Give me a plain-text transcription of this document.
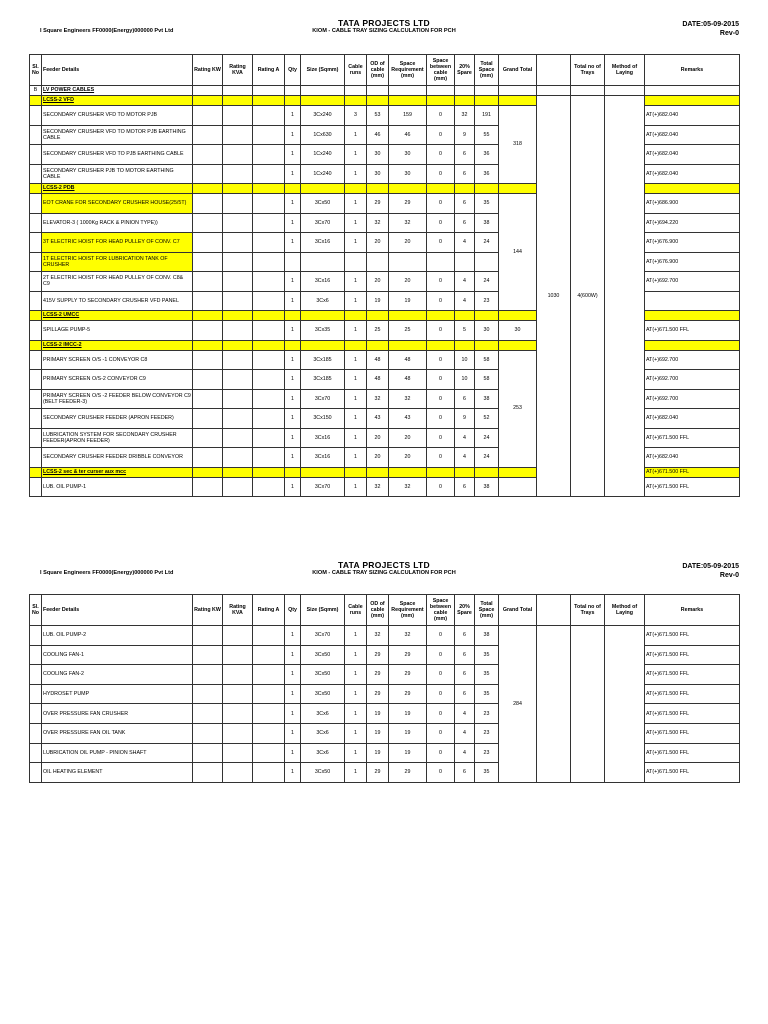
TATA PROJECTS LTD
KIOM - CABLE TRAY SIZING CALCULATION FOR PCH
I Square Engineers FF0000(Energy)000000 Pvt Ltd
DATE:05-09-2015
Rev-0
Sl. No	Feeder Details	Rating KW	Rating KVA	Rating A	Qty	Size (Sqmm)	Cable runs	OD of cable (mm)	Space Requirement (mm)	Space between cable (mm)	20% Spare	Total Space (mm)	Grand Total		Total no of Trays	Method of Laying	Remarks
B	LV POWER CABLES																
	LCSS-2 VFD													1030	4(600W)		
	SECONDARY CRUSHER VFD TO MOTOR PJB				1	3Cx240	3	53	159	0	32	191	318				AT(+)682.040
	SECONDARY CRUSHER VFD TO MOTOR PJB EARTHING CABLE				1	1Cx630	1	46	46	0	9	55					AT(+)682.040
	SECONDARY CRUSHER VFD TO PJB EARTHING CABLE				1	1Cx240	1	30	30	0	6	36					AT(+)682.040
	SECONDARY CRUSHER PJB TO MOTOR EARTHING CABLE				1	1Cx240	1	30	30	0	6	36					AT(+)682.040
	LCSS-2 PDB																
	EOT CRANE FOR SECONDARY CRUSHER HOUSE(25/5T)				1	3Cx50	1	29	29	0	6	35	144				AT(+)686.900
	ELEVATOR-3 ( 1000Kg RACK & PINION TYPE))				1	3Cx70	1	32	32	0	6	38					AT(+)694.220
	3T ELECTRIC HOIST FOR HEAD PULLEY OF CONV. C7				1	3Cx16	1	20	20	0	4	24					AT(+)676.900
	1T ELECTRIC HOIST FOR LUBRICATION TANK OF CRUSHER																AT(+)676.900
	2T ELECTRIC HOIST FOR HEAD PULLEY OF CONV. C8& C9				1	3Cx16	1	20	20	0	4	24					AT(+)692.700
	415V SUPPLY TO SECONDARY CRUSHER VFD PANEL				1	3Cx6	1	19	19	0	4	23					
	LCSS-2 UMCC																
	SPILLAGE PUMP-5				1	3Cx35	1	25	25	0	5	30	30				AT(+)671.500 FFL
	LCSS-2 IMCC-2																
	PRIMARY SCREEN O/S -1 CONVEYOR C8				1	3Cx185	1	48	48	0	10	58	253				AT(+)692.700
	PRIMARY SCREEN O/S-2 CONVEYOR C9				1	3Cx185	1	48	48	0	10	58					AT(+)692.700
	PRIMARY SCREEN O/S -2 FEEDER BELOW CONVEYOR C9 (BELT FEEDER-3)				1	3Cx70	1	32	32	0	6	38					AT(+)692.700
	SECONDARY CRUSHER FEEDER (APRON FEEDER)				1	3Cx150	1	43	43	0	9	52					AT(+)682.040
	LUBRICATION SYSTEM FOR SECONDARY CRUSHER FEEDER(APRON FEEDER)				1	3Cx16	1	20	20	0	4	24					AT(+)671.500 FFL
	SECONDARY CRUSHER FEEDER DRIBBLE CONVEYOR				1	3Cx16	1	20	20	0	4	24					AT(+)682.040
	LCSS-2 sec & ter curser aux mcc																AT(+)671.500 FFL
	LUB. OIL PUMP-1				1	3Cx70	1	32	32	0	6	38					AT(+)671.500 FFL
TATA PROJECTS LTD
KIOM - CABLE TRAY SIZING CALCULATION FOR PCH
I Square Engineers FF0000(Energy)000000 Pvt Ltd
DATE:05-09-2015
Rev-0
Sl. No	Feeder Details	Rating KW	Rating KVA	Rating A	Qty	Size (Sqmm)	Cable runs	OD of cable (mm)	Space Requirement (mm)	Space between cable (mm)	20% Spare	Total Space (mm)	Grand Total		Total no of Trays	Method of Laying	Remarks
	LUB. OIL PUMP-2				1	3Cx70	1	32	32	0	6	38	284				AT(+)671.500 FFL
	COOLING FAN-1				1	3Cx50	1	29	29	0	6	35					AT(+)671.500 FFL
	COOLING FAN-2				1	3Cx50	1	29	29	0	6	35					AT(+)671.500 FFL
	HYDROSET PUMP				1	3Cx50	1	29	29	0	6	35					AT(+)671.500 FFL
	OVER PRESSURE FAN CRUSHER				1	3Cx6	1	19	19	0	4	23					AT(+)671.500 FFL
	OVER PRESSURE FAN OIL TANK				1	3Cx6	1	19	19	0	4	23					AT(+)671.500 FFL
	LUBRICATION OIL PUMP - PINION SHAFT				1	3Cx6	1	19	19	0	4	23					AT(+)671.500 FFL
	OIL HEATING ELEMENT				1	3Cx50	1	29	29	0	6	35					AT(+)671.500 FFL
